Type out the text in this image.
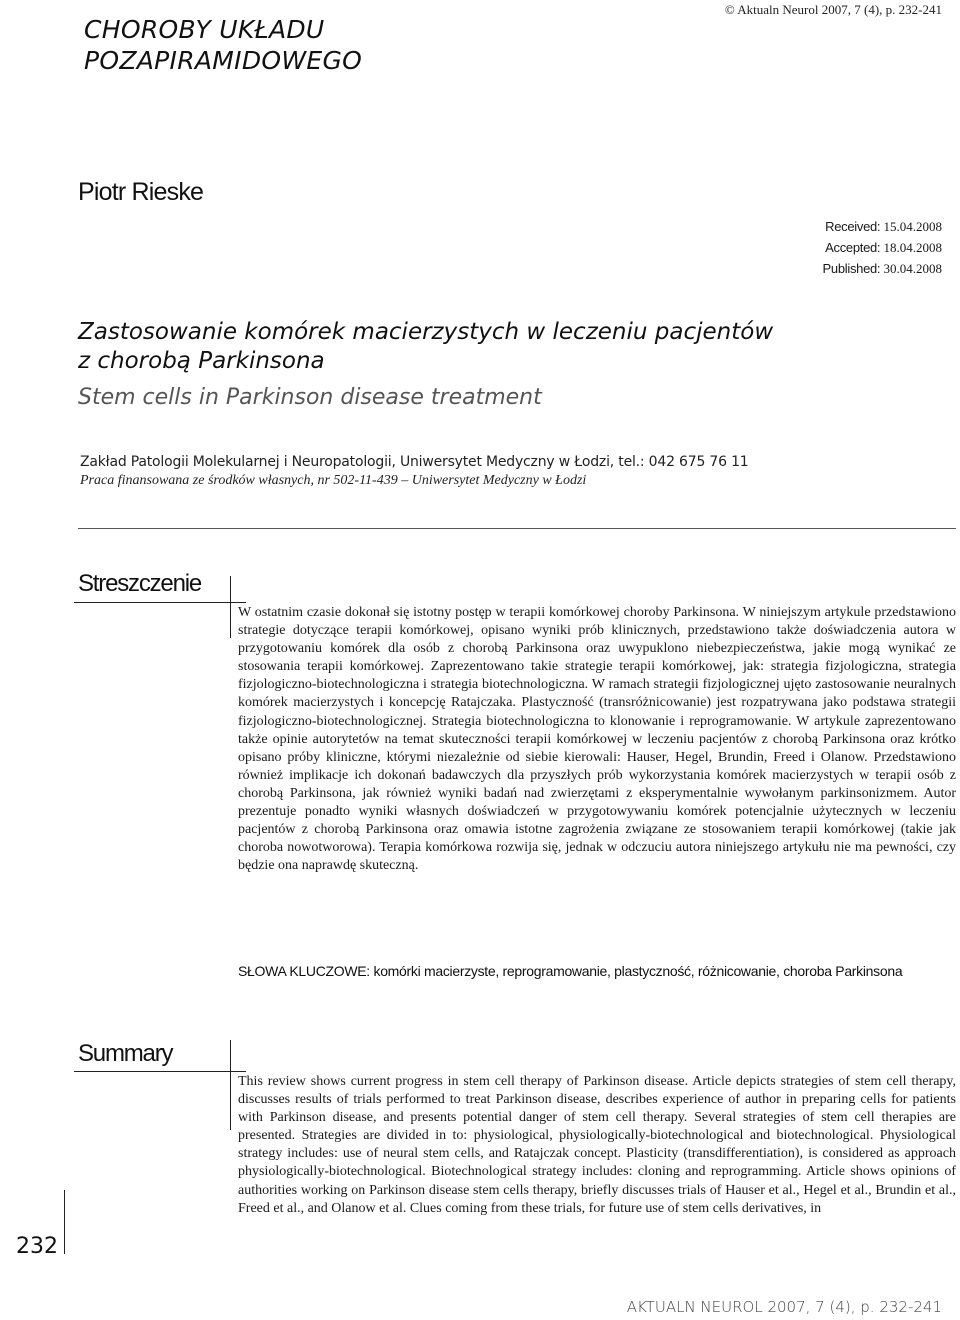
CHOROBY UKŁADU
POZAPIRAMIDOWEGO
© Aktualn Neurol 2007, 7 (4), p. 232-241
Piotr Rieske
Received: 15.04.2008
Accepted: 18.04.2008
Published: 30.04.2008
Zastosowanie komórek macierzystych w leczeniu pacjentów
z chorobą Parkinsona
Stem cells in Parkinson disease treatment
Zakład Patologii Molekularnej i Neuropatologii, Uniwersytet Medyczny w Łodzi, tel.: 042 675 76 11
Praca finansowana ze środków własnych, nr 502-11-439 – Uniwersytet Medyczny w Łodzi
Streszczenie
W ostatnim czasie dokonał się istotny postęp w terapii komórkowej choroby Parkinsona. W niniejszym artykule przedstawiono strategie dotyczące terapii komórkowej, opisano wyniki prób klinicznych, przedstawiono także doświadczenia autora w przygotowaniu komórek dla osób z chorobą Parkinsona oraz uwypuklono niebezpieczeństwa, jakie mogą wynikać ze stosowania terapii komórkowej. Zaprezentowano takie strategie terapii komórkowej, jak: strategia fizjologiczna, strategia fizjologiczno-biotechnologiczna i strategia biotechnologiczna. W ramach strategii fizjologicznej ujęto zastosowanie neuralnych komórek macierzystych i koncepcję Ratajczaka. Plastyczność (transróżnicowanie) jest rozpatrywana jako podstawa strategii fizjologiczno-biotechnologicznej. Strategia biotechnologiczna to klonowanie i reprogramowanie. W artykule zaprezentowano także opinie autorytetów na temat skuteczności terapii komórkowej w leczeniu pacjentów z chorobą Parkinsona oraz krótko opisano próby kliniczne, którymi niezależnie od siebie kierowali: Hauser, Hegel, Brundin, Freed i Olanow. Przedstawiono również implikacje ich dokonań badawczych dla przyszłych prób wykorzystania komórek macierzystych w terapii osób z chorobą Parkinsona, jak również wyniki badań nad zwierzętami z eksperymentalnie wywołanym parkinsonizmem. Autor prezentuje ponadto wyniki własnych doświadczeń w przygotowywaniu komórek potencjalnie użytecznych w leczeniu pacjentów z chorobą Parkinsona oraz omawia istotne zagrożenia związane ze stosowaniem terapii komórkowej (takie jak choroba nowotworowa). Terapia komórkowa rozwija się, jednak w odczuciu autora niniejszego artykułu nie ma pewności, czy będzie ona naprawdę skuteczną.
SŁOWA KLUCZOWE: komórki macierzyste, reprogramowanie, plastyczność, różnicowanie, choroba Parkinsona
Summary
This review shows current progress in stem cell therapy of Parkinson disease. Article depicts strategies of stem cell therapy, discusses results of trials performed to treat Parkinson disease, describes experience of author in preparing cells for patients with Parkinson disease, and presents potential danger of stem cell therapy. Several strategies of stem cell therapies are presented. Strategies are divided in to: physiological, physiologically-biotechnological and biotechnological. Physiological strategy includes: use of neural stem cells, and Ratajczak concept. Plasticity (transdifferentiation), is considered as approach physiologically-biotechnological. Biotechnological strategy includes: cloning and reprogramming. Article shows opinions of authorities working on Parkinson disease stem cells therapy, briefly discusses trials of Hauser et al., Hegel et al., Brundin et al., Freed et al., and Olanow et al. Clues coming from these trials, for future use of stem cells derivatives, in
232
AKTUALN NEUROL 2007, 7 (4), p. 232-241
